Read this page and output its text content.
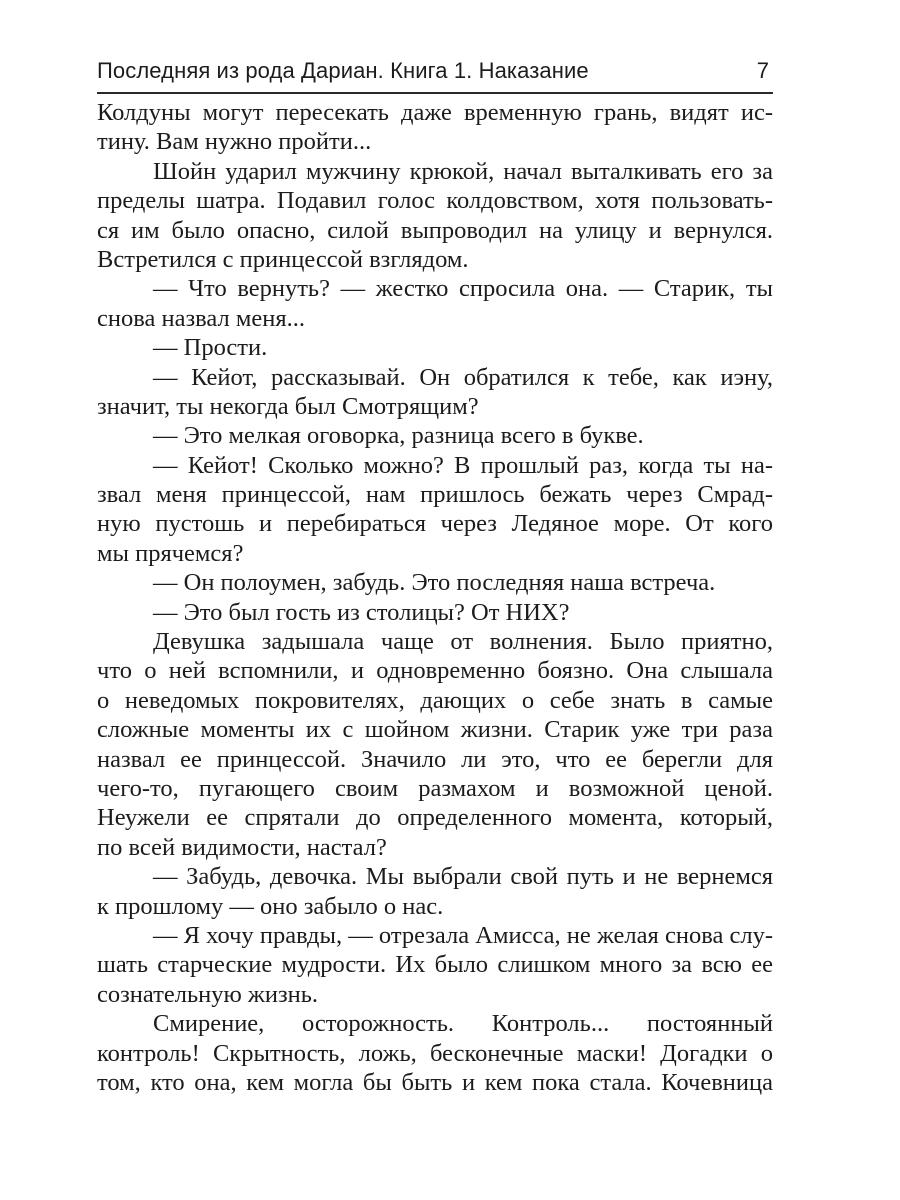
Последняя из рода Дариан. Книга 1. Наказание	7
Колдуны могут пересекать даже временную грань, видят ис-
тину. Вам нужно пройти...
Шойн ударил мужчину крюкой, начал выталкивать его за
пределы шатра. Подавил голос колдовством, хотя пользовать-
ся им было опасно, силой выпроводил на улицу и вернулся.
Встретился с принцессой взглядом.
— Что вернуть? — жестко спросила она. — Старик, ты
снова назвал меня...
— Прости.
— Кейот, рассказывай. Он обратился к тебе, как иэну,
значит, ты некогда был Смотрящим?
— Это мелкая оговорка, разница всего в букве.
— Кейот! Сколько можно? В прошлый раз, когда ты на-
звал меня принцессой, нам пришлось бежать через Смрад-
ную пустошь и перебираться через Ледяное море. От кого
мы прячемся?
— Он полоумен, забудь. Это последняя наша встреча.
— Это был гость из столицы? От НИХ?
Девушка задышала чаще от волнения. Было приятно,
что о ней вспомнили, и одновременно боязно. Она слышала
о неведомых покровителях, дающих о себе знать в самые
сложные моменты их с шойном жизни. Старик уже три раза
назвал ее принцессой. Значило ли это, что ее берегли для
чего-то, пугающего своим размахом и возможной ценой.
Неужели ее спрятали до определенного момента, который,
по всей видимости, настал?
— Забудь, девочка. Мы выбрали свой путь и не вернемся
к прошлому — оно забыло о нас.
— Я хочу правды, — отрезала Амисса, не желая снова слу-
шать старческие мудрости. Их было слишком много за всю ее
сознательную жизнь.
Смирение, осторожность. Контроль... постоянный
контроль! Скрытность, ложь, бесконечные маски! Догадки о
том, кто она, кем могла бы быть и кем пока стала. Кочевница
